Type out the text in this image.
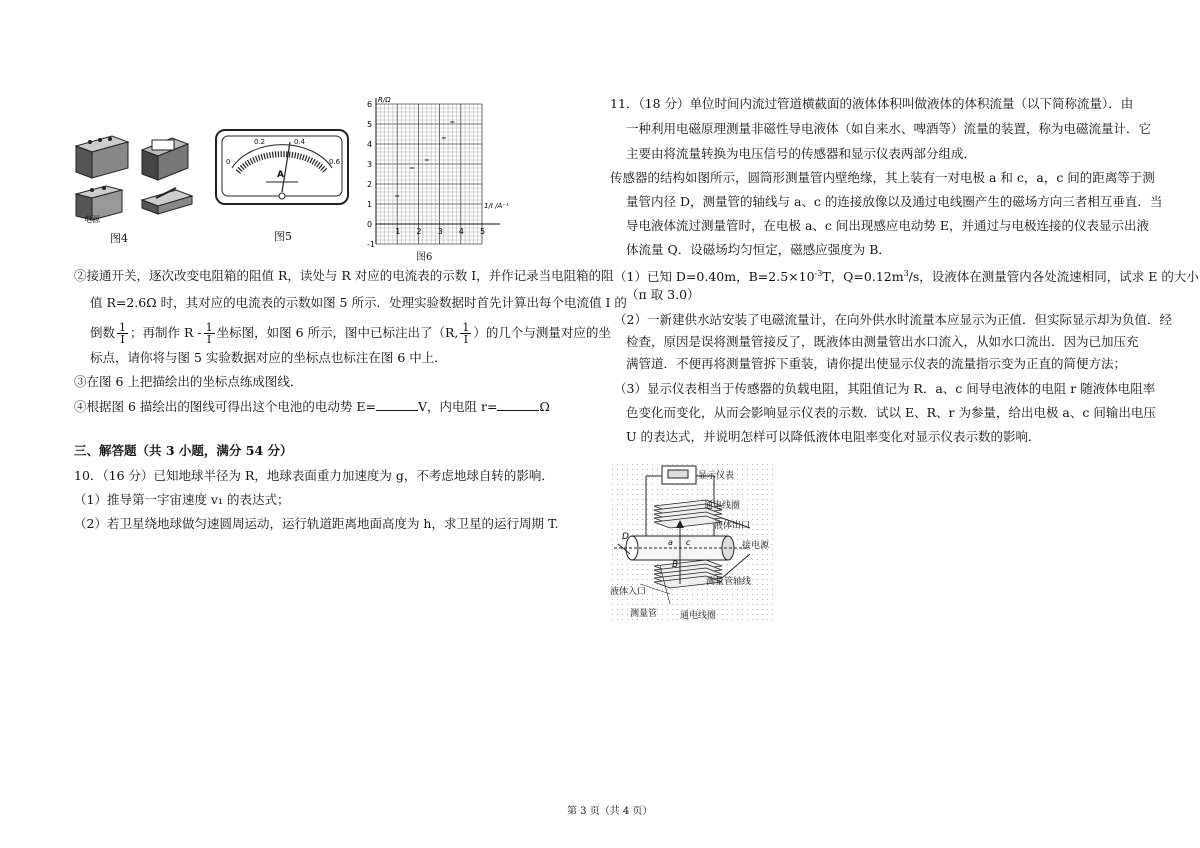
电源
图4
0
0.2	0.4
0.6
A
图5
6
5
4
3
2
1
0
-1
1 2 3 4 5
R/Ω
1/I /A⁻¹
·
·
·
·
·
图6
②接通开关，逐次改变电阻箱的阻值 R，读处与 R 对应的电流表的示数 I，并作记录当电阻箱的阻
值 R=2.6Ω 时，其对应的电流表的示数如图 5 所示．处理实验数据时首先计算出每个电流值 I 的
倒数 $\frac{1}{I}$ ；再制作 R - $\frac{1}{I}$ 坐标图，如图 6 所示，图中已标注出了（R, $\frac{1}{I}$ ）的几个与测量对应的坐
标点，请你将与图 5 实验数据对应的坐标点也标注在图 6 中上．
③在图 6 上把描绘出的坐标点练成图线．
④根据图 6 描绘出的图线可得出这个电池的电动势 E=	V，内电阻 r=	Ω
三、解答题（共 3 小题，满分 54 分）
10．（16 分）已知地球半径为 R，地球表面重力加速度为 g，不考虑地球自转的影响．
（1）推导第一宇宙速度 v₁ 的表达式；
（2）若卫星绕地球做匀速圆周运动，运行轨道距离地面高度为 h，求卫星的运行周期 T.
11．（18 分）单位时间内流过管道横截面的液体体积叫做液体的体积流量（以下简称流量）．由
一种利用电磁原理测量非磁性导电液体（如自来水、啤酒等）流量的装置，称为电磁流量计．它
主要由将流量转换为电压信号的传感器和显示仪表两部分组成．
传感器的结构如图所示，圆筒形测量管内壁绝缘，其上装有一对电极 a 和 c，a，c 间的距离等于测
量管内径 D，测量管的轴线与 a、c 的连接放像以及通过电线圈产生的磁场方向三者相互垂直．当
导电液体流过测量管时，在电极 a、c 间出现感应电动势 E，并通过与电极连接的仪表显示出液
体流量 Q．设磁场均匀恒定，磁感应强度为 B．
（1）已知 D=0.40m，$B=2.5\times 10^{-3}T$，$Q=0.12m^3/s$，设液体在测量管内各处流速相同，试求 E 的大小
（π 取 3.0）
（2）一新建供水站安装了电磁流量计，在向外供水时流量本应显示为正值．但实际显示却为负值．经
检查，原因是误将测量管接反了，既液体由测量管出水口流入，从如水口流出．因为已加压充
满管道．不便再将测量管拆下重装，请你提出使显示仪表的流量指示变为正直的简便方法；
（3）显示仪表相当于传感器的负载电阻，其阻值记为 R．a、c 间导电液体的电阻 r 随液体电阻率
色变化而变化，从而会影响显示仪表的示数．试以 E、R、r 为参量，给出电极 a、c 间输出电压
U 的表达式，并说明怎样可以降低液体电阻率变化对显示仪表示数的影响．
显示仪表
通电线圈
液体出口
接电源
测量管轴线
液体入口
测量管	通电线圈
D
B
a c
第 3 页（共 4 页）
